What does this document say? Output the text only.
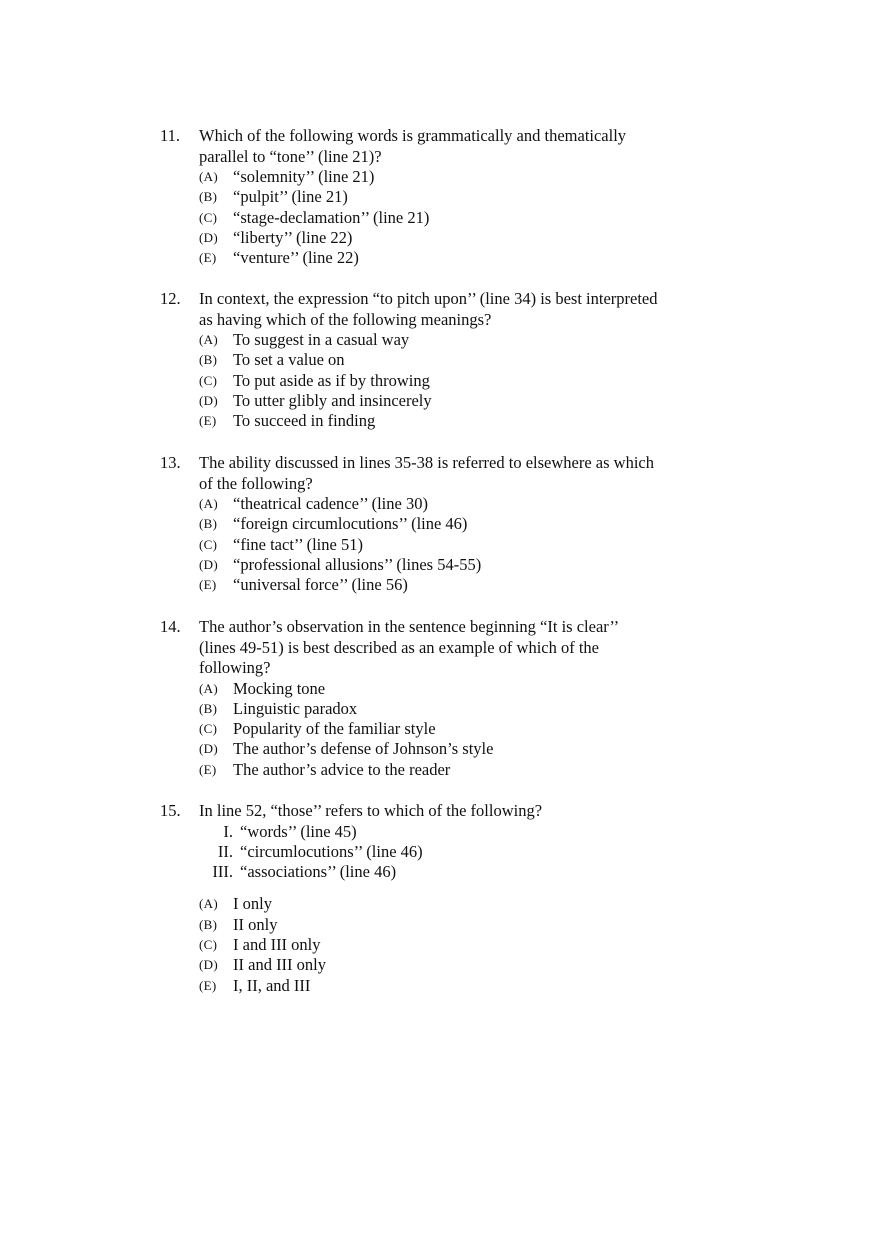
11.	Which of the following words is grammatically and thematically
parallel to “tone’’ (line 21)?
(A) “solemnity’’ (line 21)
(B) “pulpit’’ (line 21)
(C) “stage-declamation’’ (line 21)
(D) “liberty’’ (line 22)
(E)	“venture’’ (line 22)
12.	In context, the expression “to pitch upon’’ (line 34) is best interpreted
as having which of the following meanings?
(A) To suggest in a casual way
(B) To set a value on
(C) To put aside as if by throwing
(D) To utter glibly and insincerely
(E)	To succeed in finding
13.	The ability discussed in lines 35-38 is referred to elsewhere as which
of the following?
(A) “theatrical cadence’’ (line 30)
(B) “foreign circumlocutions’’ (line 46)
(C) “fine tact’’ (line 51)
(D) “professional allusions’’ (lines 54-55)
(E)	“universal force’’ (line 56)
14.	The author’s observation in the sentence beginning “It is clear’’
(lines 49-51) is best described as an example of which of the
following?
(A) Mocking tone
(B) Linguistic paradox
(C) Popularity of the familiar style
(D) The author’s defense of Johnson’s style
(E)	The author’s advice to the reader
15.	In line 52, “those’’ refers to which of the following?
I. “words’’ (line 45)
II. “circumlocutions’’ (line 46)
III. “associations’’ (line 46)
(A) I only
(B) II only
(C) I and III only
(D) II and III only
(E)	I, II, and III
